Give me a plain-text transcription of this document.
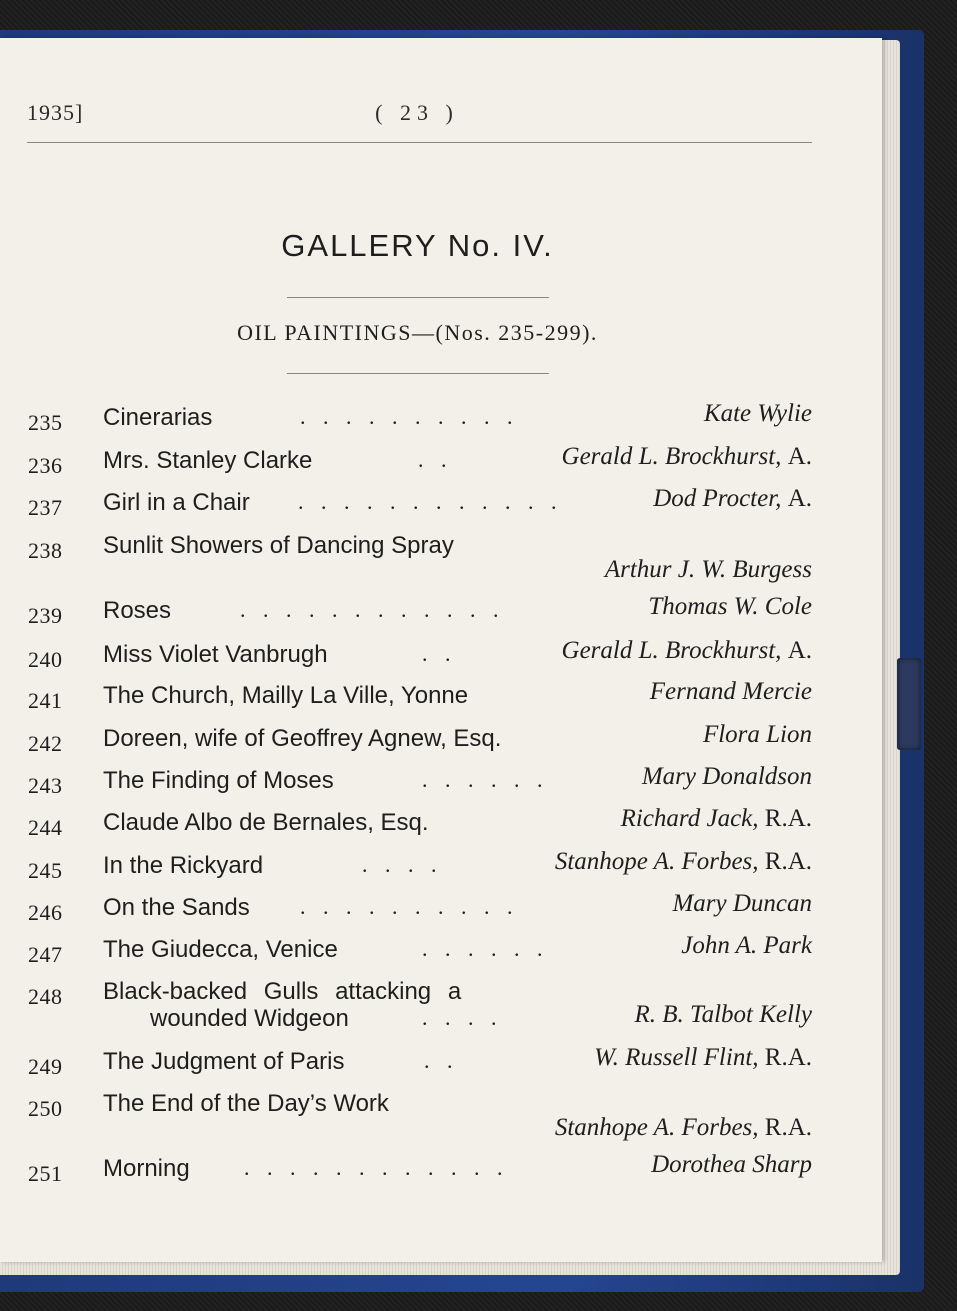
1935]	( 23 )
GALLERY No. IV.
OIL PAINTINGS—(Nos. 235-299).
235 Cinerarias	. . . . . . . . . .	Kate Wylie
236 Mrs. Stanley Clarke	. .	Gerald L. Brockhurst, A.
237 Girl in a Chair . . . . . . . . . . . .	Dod Procter, A.
238 Sunlit Showers of Dancing Spray
Arthur J. W. Burgess
239 Roses	. . . . . . . . . . . .	Thomas W. Cole
240 Miss Violet Vanbrugh	. .	Gerald L. Brockhurst, A.
241 The Church, Mailly La Ville, Yonne	Fernand Mercie
242 Doreen, wife of Geoffrey Agnew, Esq.	Flora Lion
243 The Finding of Moses	. . . . . .	Mary Donaldson
244 Claude Albo de Bernales, Esq.	Richard Jack, R.A.
245 In the Rickyard	. . . .	Stanhope A. Forbes, R.A.
246 On the Sands . . . . . . . . . .	Mary Duncan
247 The Giudecca, Venice	. . . . . .	John A. Park
248 Black-backed Gulls attacking a
wounded Widgeon	. . . .	R. B. Talbot Kelly
249 The Judgment of Paris	. .	W. Russell Flint, R.A.
250 The End of the Day’s Work
Stanhope A. Forbes, R.A.
251 Morning . . . . . . . . . . . .	Dorothea Sharp
